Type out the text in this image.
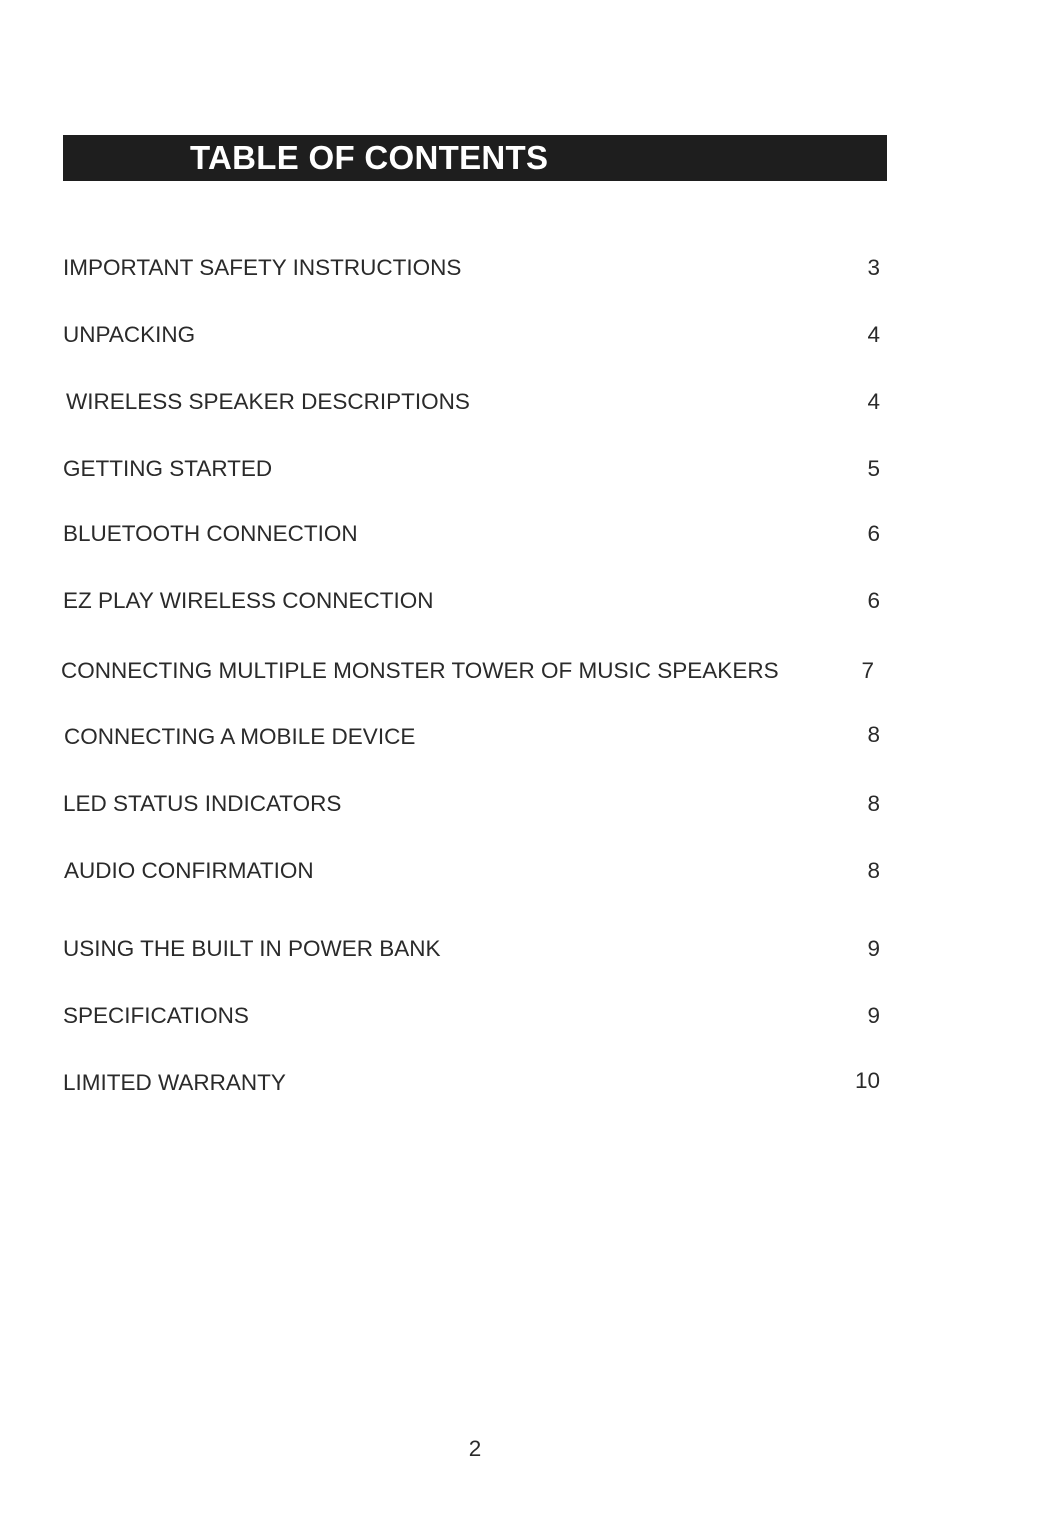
TABLE OF CONTENTS
IMPORTANT SAFETY INSTRUCTIONS	3
UNPACKING	4
WIRELESS SPEAKER DESCRIPTIONS	4
GETTING STARTED	5
BLUETOOTH CONNECTION	6
EZ PLAY WIRELESS CONNECTION	6
CONNECTING MULTIPLE MONSTER TOWER OF MUSIC SPEAKERS	7
CONNECTING A MOBILE DEVICE	8
LED STATUS INDICATORS	8
AUDIO CONFIRMATION	8
USING THE BUILT IN POWER BANK	9
SPECIFICATIONS	9
LIMITED WARRANTY	10
2
